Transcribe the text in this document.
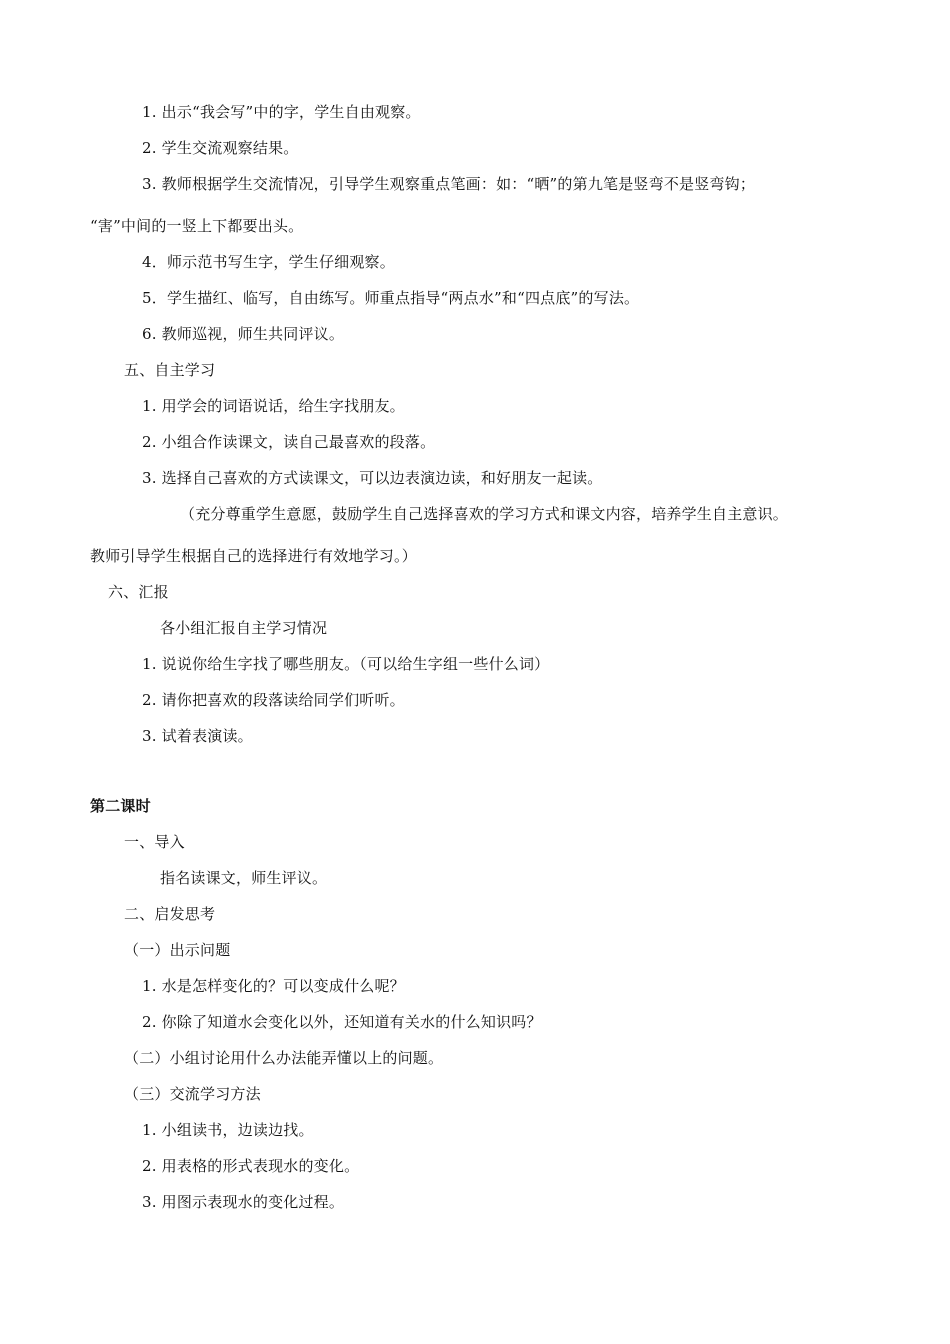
1. 出示“我会写”中的字，学生自由观察。
2. 学生交流观察结果。
3. 教师根据学生交流情况，引导学生观察重点笔画：如：“晒”的第九笔是竖弯不是竖弯钩；
“害”中间的一竖上下都要出头。
4．师示范书写生字，学生仔细观察。
5．学生描红、临写，自由练写。师重点指导“两点水”和“四点底”的写法。
6. 教师巡视，师生共同评议。
五、自主学习
1. 用学会的词语说话，给生字找朋友。
2. 小组合作读课文，读自己最喜欢的段落。
3. 选择自己喜欢的方式读课文，可以边表演边读，和好朋友一起读。
（充分尊重学生意愿，鼓励学生自己选择喜欢的学习方式和课文内容，培养学生自主意识。
教师引导学生根据自己的选择进行有效地学习。）
六、汇报
各小组汇报自主学习情况
1. 说说你给生字找了哪些朋友。（可以给生字组一些什么词）
2. 请你把喜欢的段落读给同学们听听。
3. 试着表演读。
第二课时
一、导入
指名读课文，师生评议。
二、启发思考
（一）出示问题
1. 水是怎样变化的？可以变成什么呢？
2. 你除了知道水会变化以外，还知道有关水的什么知识吗？
（二）小组讨论用什么办法能弄懂以上的问题。
（三）交流学习方法
1. 小组读书，边读边找。
2. 用表格的形式表现水的变化。
3. 用图示表现水的变化过程。
